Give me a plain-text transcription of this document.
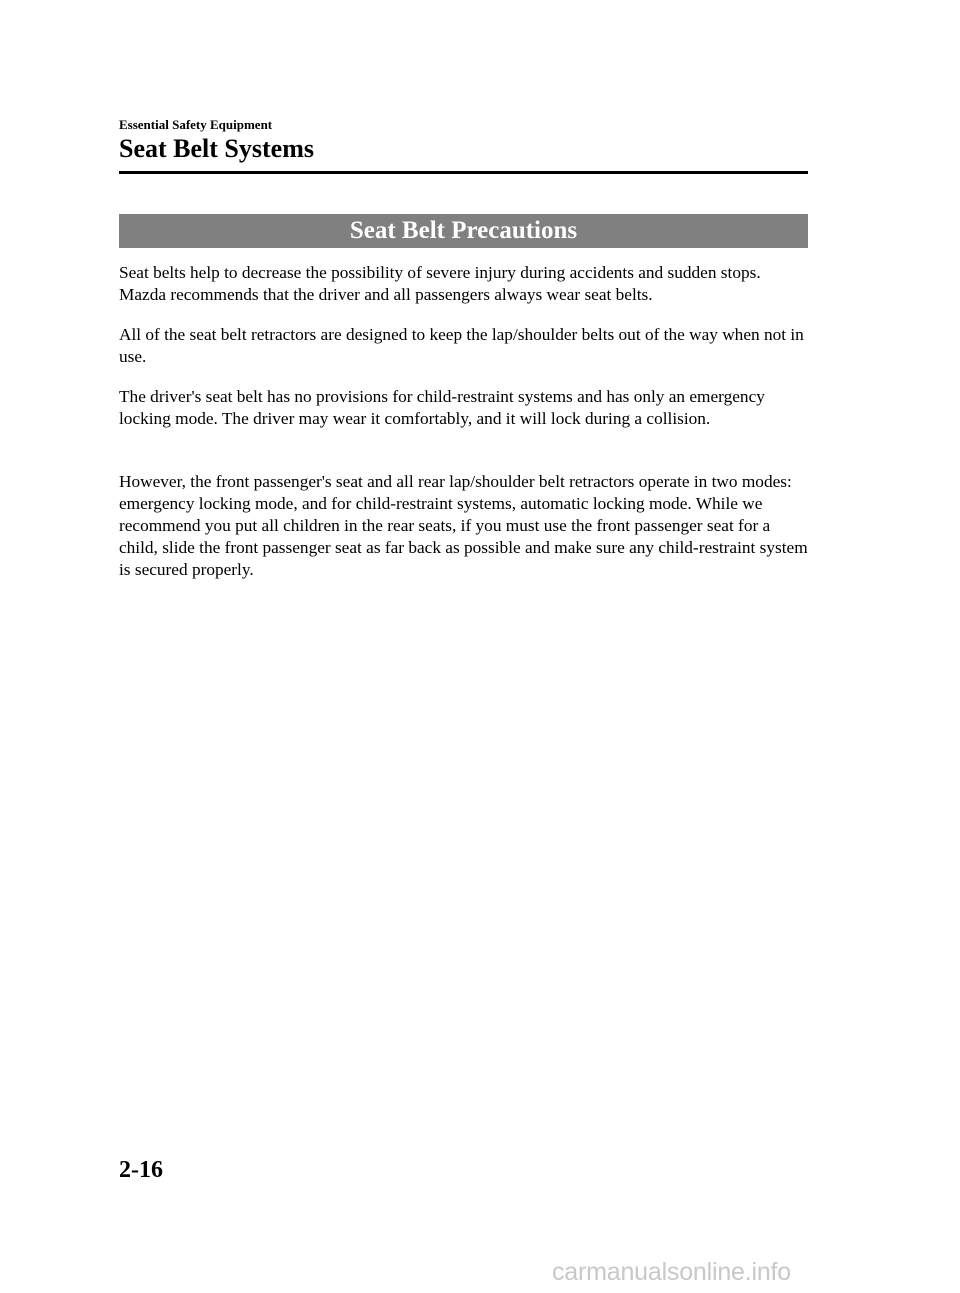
Essential Safety Equipment
Seat Belt Systems
Seat Belt Precautions

Seat belts help to decrease the possibility of severe injury during accidents and sudden stops. Mazda recommends that the driver and all passengers always wear seat belts.

All of the seat belt retractors are designed to keep the lap/shoulder belts out of the way when not in use.

The driver's seat belt has no provisions for child-restraint systems and has only an emergency locking mode. The driver may wear it comfortably, and it will lock during a collision.

However, the front passenger's seat and all rear lap/shoulder belt retractors operate in two modes: emergency locking mode, and for child-restraint systems, automatic locking mode. While we recommend you put all children in the rear seats, if you must use the front passenger seat for a child, slide the front passenger seat as far back as possible and make sure any child-restraint system is secured properly.

2-16
carmanualsonline.info
